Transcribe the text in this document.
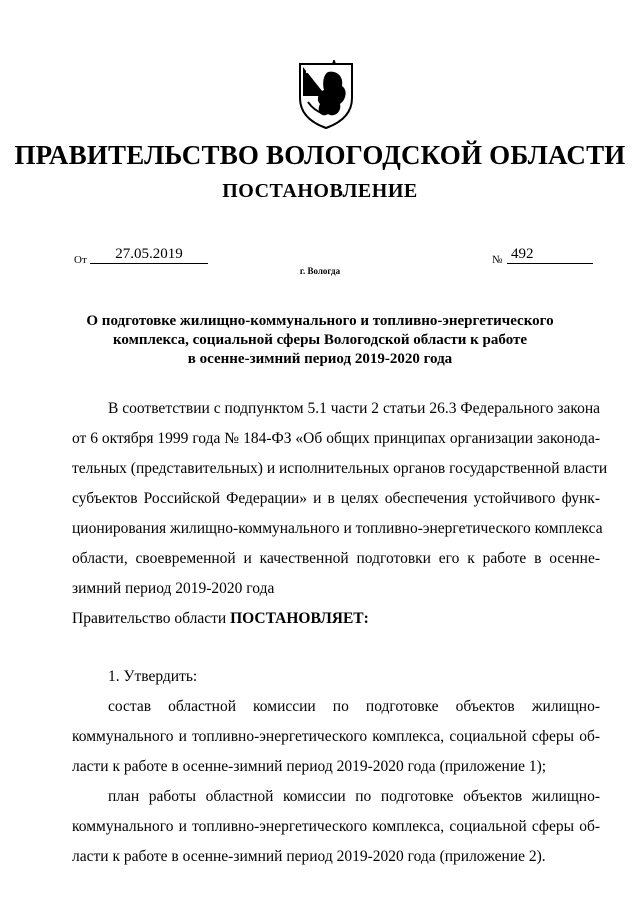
ПРАВИТЕЛЬСТВО ВОЛОГОДСКОЙ ОБЛАСТИ
ПОСТАНОВЛЕНИЕ
От	27.05.2019	№ 492
г. Вологда
О подготовке жилищно-коммунального и топливно-энергетического
комплекса, социальной сферы Вологодской области к работе
в осенне-зимний период 2019-2020 года
В соответствии с подпунктом 5.1 части 2 статьи 26.3 Федерального закона
от 6 октября 1999 года № 184-ФЗ «Об общих принципах организации законода-
тельных (представительных) и исполнительных органов государственной власти
субъектов Российской Федерации» и в целях обеспечения устойчивого функ-
ционирования жилищно-коммунального и топливно-энергетического комплекса
области, своевременной и качественной подготовки его к работе в осенне-
зимний период 2019-2020 года
Правительство области ПОСТАНОВЛЯЕТ:
1. Утвердить:
состав областной комиссии по подготовке объектов жилищно-
коммунального и топливно-энергетического комплекса, социальной сферы об-
ласти к работе в осенне-зимний период 2019-2020 года (приложение 1);
план работы областной комиссии по подготовке объектов жилищно-
коммунального и топливно-энергетического комплекса, социальной сферы об-
ласти к работе в осенне-зимний период 2019-2020 года (приложение 2).
